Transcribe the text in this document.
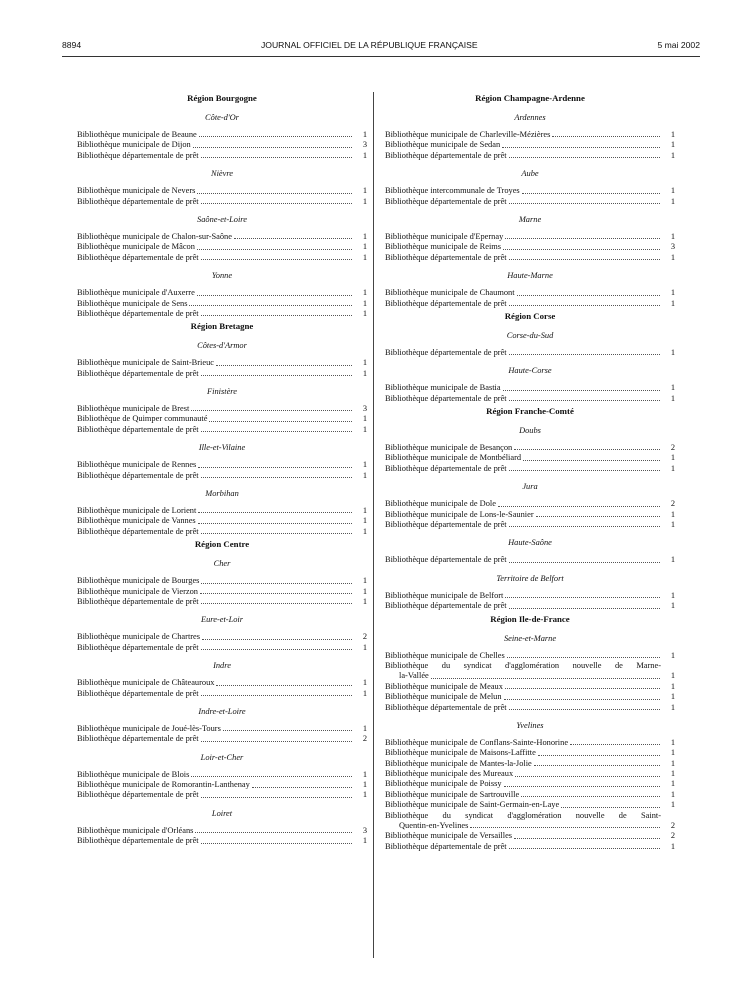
8894	JOURNAL OFFICIEL DE LA RÉPUBLIQUE FRANÇAISE	5 mai 2002
Région Bourgogne
Côte-d'Or
Bibliothèque municipale de Beaune	1
Bibliothèque municipale de Dijon	3
Bibliothèque départementale de prêt	1
Nièvre
Bibliothèque municipale de Nevers	1
Bibliothèque départementale de prêt	1
Saône-et-Loire
Bibliothèque municipale de Chalon-sur-Saône	1
Bibliothèque municipale de Mâcon	1
Bibliothèque départementale de prêt	1
Yonne
Bibliothèque municipale d'Auxerre	1
Bibliothèque municipale de Sens	1
Bibliothèque départementale de prêt	1
Région Bretagne
Côtes-d'Armor
Bibliothèque municipale de Saint-Brieuc	1
Bibliothèque départementale de prêt	1
Finistère
Bibliothèque municipale de Brest	3
Bibliothèque de Quimper communauté	1
Bibliothèque départementale de prêt	1
Ille-et-Vilaine
Bibliothèque municipale de Rennes	1
Bibliothèque départementale de prêt	1
Morbihan
Bibliothèque municipale de Lorient	1
Bibliothèque municipale de Vannes	1
Bibliothèque départementale de prêt	1
Région Centre
Cher
Bibliothèque municipale de Bourges	1
Bibliothèque municipale de Vierzon	1
Bibliothèque départementale de prêt	1
Eure-et-Loir
Bibliothèque municipale de Chartres	2
Bibliothèque départementale de prêt	1
Indre
Bibliothèque municipale de Châteauroux	1
Bibliothèque départementale de prêt	1
Indre-et-Loire
Bibliothèque municipale de Joué-lès-Tours	1
Bibliothèque départementale de prêt	2
Loir-et-Cher
Bibliothèque municipale de Blois	1
Bibliothèque municipale de Romorantin-Lanthenay	1
Bibliothèque départementale de prêt	1
Loiret
Bibliothèque municipale d'Orléans	3
Bibliothèque départementale de prêt	1
Région Champagne-Ardenne
Ardennes
Bibliothèque municipale de Charleville-Mézières	1
Bibliothèque municipale de Sedan	1
Bibliothèque départementale de prêt	1
Aube
Bibliothèque intercommunale de Troyes	1
Bibliothèque départementale de prêt	1
Marne
Bibliothèque municipale d'Epernay	1
Bibliothèque municipale de Reims	3
Bibliothèque départementale de prêt	1
Haute-Marne
Bibliothèque municipale de Chaumont	1
Bibliothèque départementale de prêt	1
Région Corse
Corse-du-Sud
Bibliothèque départementale de prêt	1
Haute-Corse
Bibliothèque municipale de Bastia	1
Bibliothèque départementale de prêt	1
Région Franche-Comté
Doubs
Bibliothèque municipale de Besançon	2
Bibliothèque municipale de Montbéliard	1
Bibliothèque départementale de prêt	1
Jura
Bibliothèque municipale de Dole	2
Bibliothèque municipale de Lons-le-Saunier	1
Bibliothèque départementale de prêt	1
Haute-Saône
Bibliothèque départementale de prêt	1
Territoire de Belfort
Bibliothèque municipale de Belfort	1
Bibliothèque départementale de prêt	1
Région Ile-de-France
Seine-et-Marne
Bibliothèque municipale de Chelles	1
Bibliothèque du syndicat d'agglomération nouvelle de Marne-
la-Vallée	1
Bibliothèque municipale de Meaux	1
Bibliothèque municipale de Melun	1
Bibliothèque départementale de prêt	1
Yvelines
Bibliothèque municipale de Conflans-Sainte-Honorine	1
Bibliothèque municipale de Maisons-Laffitte	1
Bibliothèque municipale de Mantes-la-Jolie	1
Bibliothèque municipale des Mureaux	1
Bibliothèque municipale de Poissy	1
Bibliothèque municipale de Sartrouville	1
Bibliothèque municipale de Saint-Germain-en-Laye	1
Bibliothèque du syndicat d'agglomération nouvelle de Saint-
Quentin-en-Yvelines	2
Bibliothèque municipale de Versailles	2
Bibliothèque départementale de prêt	1
